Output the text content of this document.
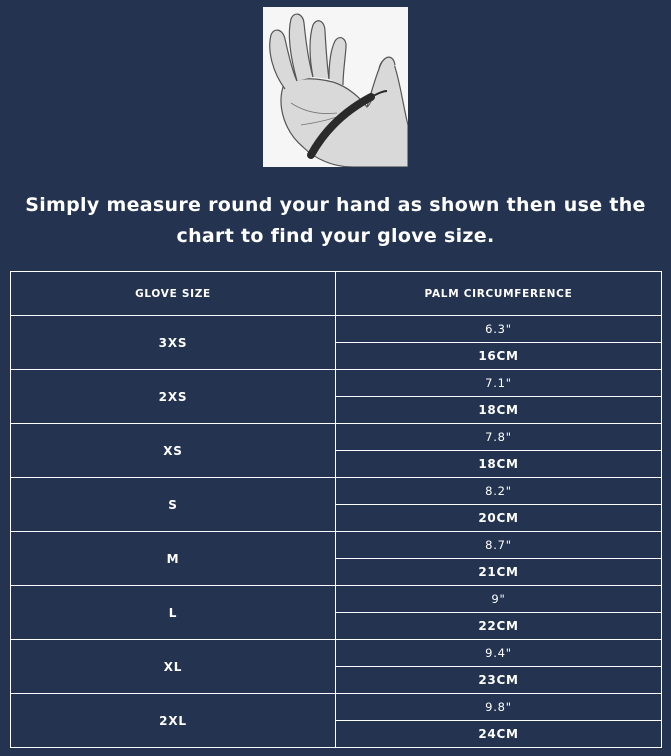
Simply measure round your hand as shown then use the
chart to find your glove size.
GLOVE SIZE	PALM CIRCUMFERENCE
3XS	6.3"
	16CM
2XS	7.1"
	18CM
XS	7.8"
	18CM
S	8.2"
	20CM
M	8.7"
	21CM
L	9"
	22CM
XL	9.4"
	23CM
2XL	9.8"
	24CM
